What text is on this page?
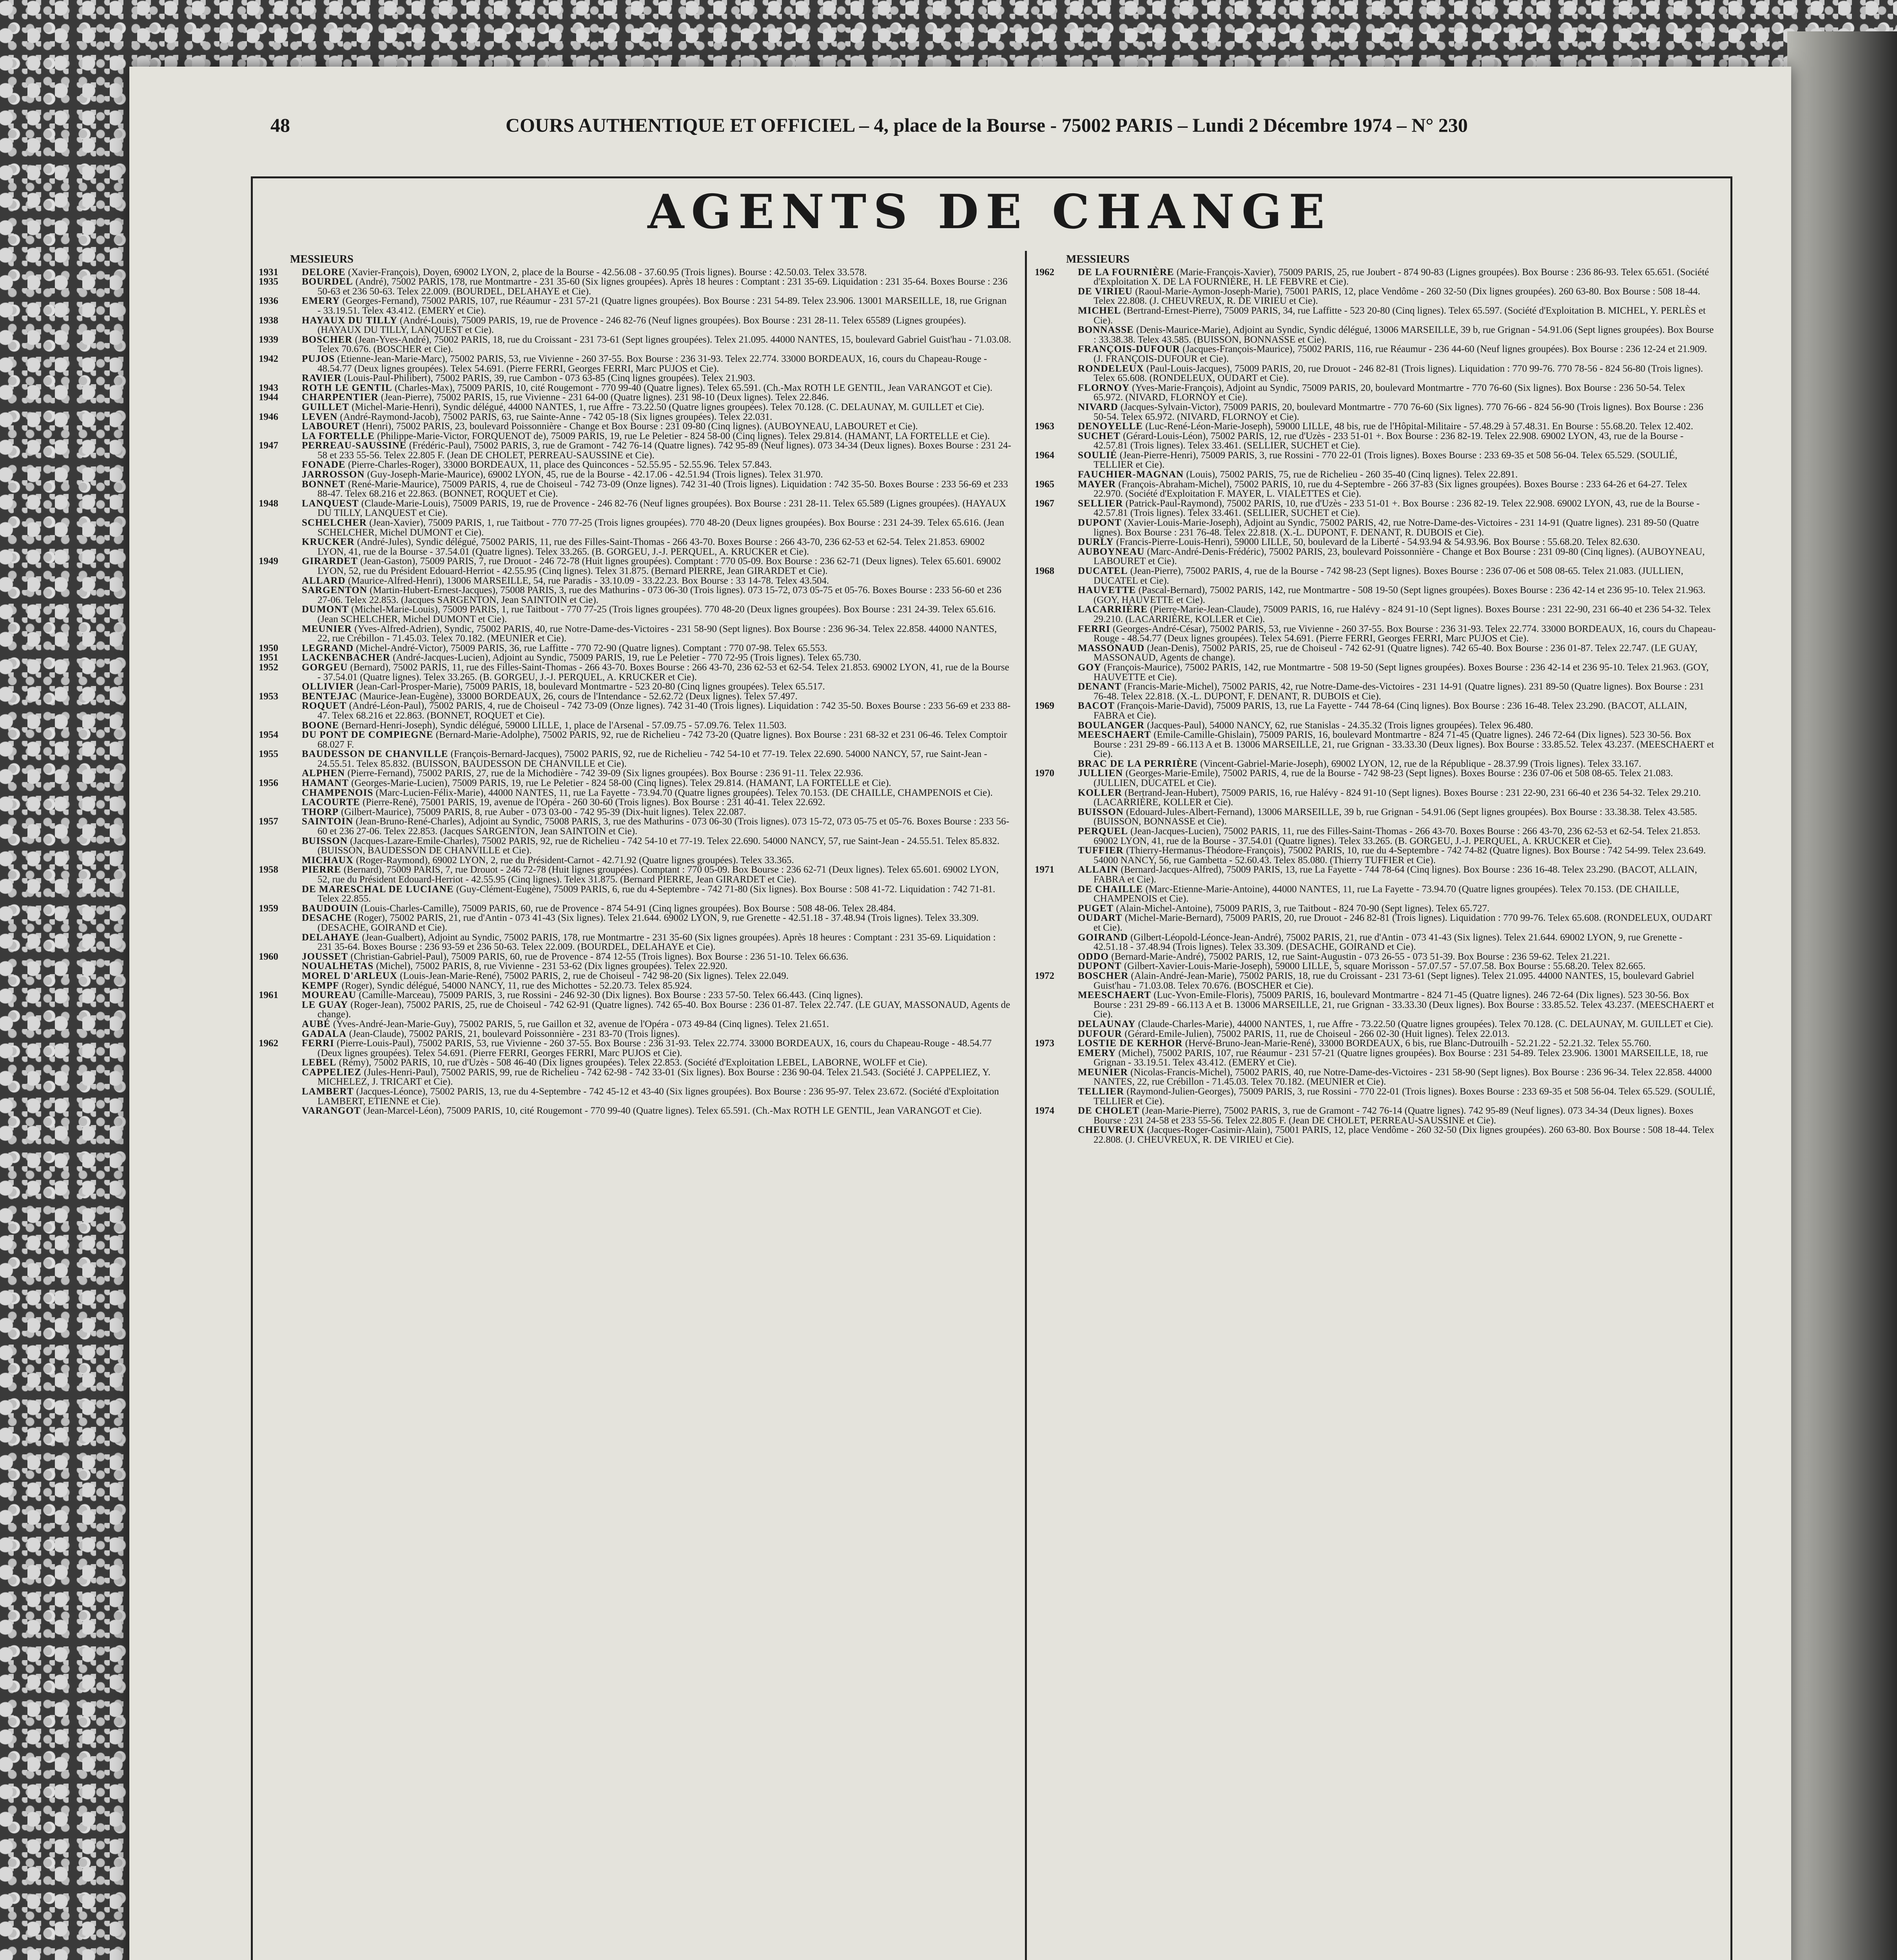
48	COURS AUTHENTIQUE ET OFFICIEL – 4, place de la Bourse - 75002 PARIS – Lundi 2 Décembre 1974 – N° 230
AGENTS DE CHANGE
MESSIEURS
1931	DELORE (Xavier-François), Doyen, 69002 LYON, 2, place de la Bourse - 42.56.08 - 37.60.95 (Trois lignes). Bourse : 42.50.03. Telex 33.578.
1935	BOURDEL (André), 75002 PARIS, 178, rue Montmartre - 231 35-60 (Six lignes groupées). Après 18 heures : Comptant : 231 35-69. Liquidation : 231 35-64. Boxes Bourse : 236 50-63 et 236 50-63. Telex 22.009. (BOURDEL, DELAHAYE et Cie).
1936	EMERY (Georges-Fernand), 75002 PARIS, 107, rue Réaumur - 231 57-21 (Quatre lignes groupées). Box Bourse : 231 54-89. Telex 23.906. 13001 MARSEILLE, 18, rue Grignan - 33.19.51. Telex 43.412. (EMERY et Cie).
1938	HAYAUX DU TILLY (André-Louis), 75009 PARIS, 19, rue de Provence - 246 82-76 (Neuf lignes groupées). Box Bourse : 231 28-11. Telex 65589 (Lignes groupées). (HAYAUX DU TILLY, LANQUEST et Cie).
1939	BOSCHER (Jean-Yves-André), 75002 PARIS, 18, rue du Croissant - 231 73-61 (Sept lignes groupées). Telex 21.095. 44000 NANTES, 15, boulevard Gabriel Guist'hau - 71.03.08. Telex 70.676. (BOSCHER et Cie).
1942	PUJOS (Etienne-Jean-Marie-Marc), 75002 PARIS, 53, rue Vivienne - 260 37-55. Box Bourse : 236 31-93. Telex 22.774. 33000 BORDEAUX, 16, cours du Chapeau-Rouge - 48.54.77 (Deux lignes groupées). Telex 54.691. (Pierre FERRI, Georges FERRI, Marc PUJOS et Cie).
RAVIER (Louis-Paul-Philibert), 75002 PARIS, 39, rue Cambon - 073 63-85 (Cinq lignes groupées). Telex 21.903.
1943	ROTH LE GENTIL (Charles-Max), 75009 PARIS, 10, cité Rougemont - 770 99-40 (Quatre lignes). Telex 65.591. (Ch.-Max ROTH LE GENTIL, Jean VARANGOT et Cie).
1944	CHARPENTIER (Jean-Pierre), 75002 PARIS, 15, rue Vivienne - 231 64-00 (Quatre lignes). 231 98-10 (Deux lignes). Telex 22.846.
GUILLET (Michel-Marie-Henri), Syndic délégué, 44000 NANTES, 1, rue Affre - 73.22.50 (Quatre lignes groupées). Telex 70.128. (C. DELAUNAY, M. GUILLET et Cie).
1946	LEVEN (André-Raymond-Jacob), 75002 PARIS, 63, rue Sainte-Anne - 742 05-18 (Six lignes groupées). Telex 22.031.
LABOURET (Henri), 75002 PARIS, 23, boulevard Poissonnière - Change et Box Bourse : 231 09-80 (Cinq lignes). (AUBOYNEAU, LABOURET et Cie).
LA FORTELLE (Philippe-Marie-Victor, FORQUENOT de), 75009 PARIS, 19, rue Le Peletier - 824 58-00 (Cinq lignes). Telex 29.814. (HAMANT, LA FORTELLE et Cie).
1947	PERREAU-SAUSSINE (Frédéric-Paul), 75002 PARIS, 3, rue de Gramont - 742 76-14 (Quatre lignes). 742 95-89 (Neuf lignes). 073 34-34 (Deux lignes). Boxes Bourse : 231 24-58 et 233 55-56. Telex 22.805 F. (Jean DE CHOLET, PERREAU-SAUSSINE et Cie).
FONADE (Pierre-Charles-Roger), 33000 BORDEAUX, 11, place des Quinconces - 52.55.95 - 52.55.96. Telex 57.843.
JARROSSON (Guy-Joseph-Marie-Maurice), 69002 LYON, 45, rue de la Bourse - 42.17.06 - 42.51.94 (Trois lignes). Telex 31.970.
BONNET (René-Marie-Maurice), 75009 PARIS, 4, rue de Choiseul - 742 73-09 (Onze lignes). 742 31-40 (Trois lignes). Liquidation : 742 35-50. Boxes Bourse : 233 56-69 et 233 88-47. Telex 68.216 et 22.863. (BONNET, ROQUET et Cie).
1948	LANQUEST (Claude-Marie-Louis), 75009 PARIS, 19, rue de Provence - 246 82-76 (Neuf lignes groupées). Box Bourse : 231 28-11. Telex 65.589 (Lignes groupées). (HAYAUX DU TILLY, LANQUEST et Cie).
SCHELCHER (Jean-Xavier), 75009 PARIS, 1, rue Taitbout - 770 77-25 (Trois lignes groupées). 770 48-20 (Deux lignes groupées). Box Bourse : 231 24-39. Telex 65.616. (Jean SCHELCHER, Michel DUMONT et Cie).
KRUCKER (André-Jules), Syndic délégué, 75002 PARIS, 11, rue des Filles-Saint-Thomas - 266 43-70. Boxes Bourse : 266 43-70, 236 62-53 et 62-54. Telex 21.853. 69002 LYON, 41, rue de la Bourse - 37.54.01 (Quatre lignes). Telex 33.265. (B. GORGEU, J.-J. PERQUEL, A. KRUCKER et Cie).
1949	GIRARDET (Jean-Gaston), 75009 PARIS, 7, rue Drouot - 246 72-78 (Huit lignes groupées). Comptant : 770 05-09. Box Bourse : 236 62-71 (Deux lignes). Telex 65.601. 69002 LYON, 52, rue du Président Edouard-Herriot - 42.55.95 (Cinq lignes). Telex 31.875. (Bernard PIERRE, Jean GIRARDET et Cie).
ALLARD (Maurice-Alfred-Henri), 13006 MARSEILLE, 54, rue Paradis - 33.10.09 - 33.22.23. Box Bourse : 33 14-78. Telex 43.504.
SARGENTON (Martin-Hubert-Ernest-Jacques), 75008 PARIS, 3, rue des Mathurins - 073 06-30 (Trois lignes). 073 15-72, 073 05-75 et 05-76. Boxes Bourse : 233 56-60 et 236 27-06. Telex 22.853. (Jacques SARGENTON, Jean SAINTOIN et Cie).
DUMONT (Michel-Marie-Louis), 75009 PARIS, 1, rue Taitbout - 770 77-25 (Trois lignes groupées). 770 48-20 (Deux lignes groupées). Box Bourse : 231 24-39. Telex 65.616. (Jean SCHELCHER, Michel DUMONT et Cie).
MEUNIER (Yves-Alfred-Adrien), Syndic, 75002 PARIS, 40, rue Notre-Dame-des-Victoires - 231 58-90 (Sept lignes). Box Bourse : 236 96-34. Telex 22.858. 44000 NANTES, 22, rue Crébillon - 71.45.03. Telex 70.182. (MEUNIER et Cie).
1950	LEGRAND (Michel-André-Victor), 75009 PARIS, 36, rue Laffitte - 770 72-90 (Quatre lignes). Comptant : 770 07-98. Telex 65.553.
1951	LACKENBACHER (André-Jacques-Lucien), Adjoint au Syndic, 75009 PARIS, 19, rue Le Peletier - 770 72-95 (Trois lignes). Telex 65.730.
1952	GORGEU (Bernard), 75002 PARIS, 11, rue des Filles-Saint-Thomas - 266 43-70. Boxes Bourse : 266 43-70, 236 62-53 et 62-54. Telex 21.853. 69002 LYON, 41, rue de la Bourse - 37.54.01 (Quatre lignes). Telex 33.265. (B. GORGEU, J.-J. PERQUEL, A. KRUCKER et Cie).
OLLIVIER (Jean-Carl-Prosper-Marie), 75009 PARIS, 18, boulevard Montmartre - 523 20-80 (Cinq lignes groupées). Telex 65.517.
1953	BENTEJAC (Maurice-Jean-Eugène), 33000 BORDEAUX, 26, cours de l'Intendance - 52.62.72 (Deux lignes). Telex 57.497.
ROQUET (André-Léon-Paul), 75002 PARIS, 4, rue de Choiseul - 742 73-09 (Onze lignes). 742 31-40 (Trois lignes). Liquidation : 742 35-50. Boxes Bourse : 233 56-69 et 233 88-47. Telex 68.216 et 22.863. (BONNET, ROQUET et Cie).
BOONE (Bernard-Henri-Joseph), Syndic délégué, 59000 LILLE, 1, place de l'Arsenal - 57.09.75 - 57.09.76. Telex 11.503.
1954	DU PONT DE COMPIEGNE (Bernard-Marie-Adolphe), 75002 PARIS, 92, rue de Richelieu - 742 73-20 (Quatre lignes). Box Bourse : 231 68-32 et 231 06-46. Telex Comptoir 68.027 F.
1955	BAUDESSON DE CHANVILLE (François-Bernard-Jacques), 75002 PARIS, 92, rue de Richelieu - 742 54-10 et 77-19. Telex 22.690. 54000 NANCY, 57, rue Saint-Jean - 24.55.51. Telex 85.832. (BUISSON, BAUDESSON DE CHANVILLE et Cie).
ALPHEN (Pierre-Fernand), 75002 PARIS, 27, rue de la Michodière - 742 39-09 (Six lignes groupées). Box Bourse : 236 91-11. Telex 22.936.
1956	HAMANT (Georges-Marie-Lucien), 75009 PARIS, 19, rue Le Peletier - 824 58-00 (Cinq lignes). Telex 29.814. (HAMANT, LA FORTELLE et Cie).
CHAMPENOIS (Marc-Lucien-Félix-Marie), 44000 NANTES, 11, rue La Fayette - 73.94.70 (Quatre lignes groupées). Telex 70.153. (DE CHAILLE, CHAMPENOIS et Cie).
LACOURTE (Pierre-René), 75001 PARIS, 19, avenue de l'Opéra - 260 30-60 (Trois lignes). Box Bourse : 231 40-41. Telex 22.692.
THORP (Gilbert-Maurice), 75009 PARIS, 8, rue Auber - 073 03-00 - 742 95-39 (Dix-huit lignes). Telex 22.087.
1957	SAINTOIN (Jean-Bruno-René-Charles), Adjoint au Syndic, 75008 PARIS, 3, rue des Mathurins - 073 06-30 (Trois lignes). 073 15-72, 073 05-75 et 05-76. Boxes Bourse : 233 56-60 et 236 27-06. Telex 22.853. (Jacques SARGENTON, Jean SAINTOIN et Cie).
BUISSON (Jacques-Lazare-Emile-Charles), 75002 PARIS, 92, rue de Richelieu - 742 54-10 et 77-19. Telex 22.690. 54000 NANCY, 57, rue Saint-Jean - 24.55.51. Telex 85.832. (BUISSON, BAUDESSON DE CHANVILLE et Cie).
MICHAUX (Roger-Raymond), 69002 LYON, 2, rue du Président-Carnot - 42.71.92 (Quatre lignes groupées). Telex 33.365.
1958	PIERRE (Bernard), 75009 PARIS, 7, rue Drouot - 246 72-78 (Huit lignes groupées). Comptant : 770 05-09. Box Bourse : 236 62-71 (Deux lignes). Telex 65.601. 69002 LYON, 52, rue du Président Edouard-Herriot - 42.55.95 (Cinq lignes). Telex 31.875. (Bernard PIERRE, Jean GIRARDET et Cie).
DE MARESCHAL DE LUCIANE (Guy-Clément-Eugène), 75009 PARIS, 6, rue du 4-Septembre - 742 71-80 (Six lignes). Box Bourse : 508 41-72. Liquidation : 742 71-81. Telex 22.855.
1959	BAUDOUIN (Louis-Charles-Camille), 75009 PARIS, 60, rue de Provence - 874 54-91 (Cinq lignes groupées). Box Bourse : 508 48-06. Telex 28.484.
DESACHE (Roger), 75002 PARIS, 21, rue d'Antin - 073 41-43 (Six lignes). Telex 21.644. 69002 LYON, 9, rue Grenette - 42.51.18 - 37.48.94 (Trois lignes). Telex 33.309. (DESACHE, GOIRAND et Cie).
DELAHAYE (Jean-Gualbert), Adjoint au Syndic, 75002 PARIS, 178, rue Montmartre - 231 35-60 (Six lignes groupées). Après 18 heures : Comptant : 231 35-69. Liquidation : 231 35-64. Boxes Bourse : 236 93-59 et 236 50-63. Telex 22.009. (BOURDEL, DELAHAYE et Cie).
1960	JOUSSET (Christian-Gabriel-Paul), 75009 PARIS, 60, rue de Provence - 874 12-55 (Trois lignes). Box Bourse : 236 51-10. Telex 66.636.
NOUALHETAS (Michel), 75002 PARIS, 8, rue Vivienne - 231 53-62 (Dix lignes groupées). Telex 22.920.
MOREL D'ARLEUX (Louis-Jean-Marie-René), 75002 PARIS, 2, rue de Choiseul - 742 98-20 (Six lignes). Telex 22.049.
KEMPF (Roger), Syndic délégué, 54000 NANCY, 11, rue des Michottes - 52.20.73. Telex 85.924.
1961	MOUREAU (Camille-Marceau), 75009 PARIS, 3, rue Rossini - 246 92-30 (Dix lignes). Box Bourse : 233 57-50. Telex 66.443. (Cinq lignes).
LE GUAY (Roger-Jean), 75002 PARIS, 25, rue de Choiseul - 742 62-91 (Quatre lignes). 742 65-40. Box Bourse : 236 01-87. Telex 22.747. (LE GUAY, MASSONAUD, Agents de change).
AUBÉ (Yves-André-Jean-Marie-Guy), 75002 PARIS, 5, rue Gaillon et 32, avenue de l'Opéra - 073 49-84 (Cinq lignes). Telex 21.651.
GADALA (Jean-Claude), 75002 PARIS, 21, boulevard Poissonnière - 231 83-70 (Trois lignes).
1962	FERRI (Pierre-Louis-Paul), 75002 PARIS, 53, rue Vivienne - 260 37-55. Box Bourse : 236 31-93. Telex 22.774. 33000 BORDEAUX, 16, cours du Chapeau-Rouge - 48.54.77 (Deux lignes groupées). Telex 54.691. (Pierre FERRI, Georges FERRI, Marc PUJOS et Cie).
LEBEL (Rémy), 75002 PARIS, 10, rue d'Uzès - 508 46-40 (Dix lignes groupées). Telex 22.853. (Société d'Exploitation LEBEL, LABORNE, WOLFF et Cie).
CAPPELIEZ (Jules-Henri-Paul), 75002 PARIS, 99, rue de Richelieu - 742 62-98 - 742 33-01 (Six lignes). Box Bourse : 236 90-04. Telex 21.543. (Société J. CAPPELIEZ, Y. MICHELEZ, J. TRICART et Cie).
LAMBERT (Jacques-Léonce), 75002 PARIS, 13, rue du 4-Septembre - 742 45-12 et 43-40 (Six lignes groupées). Box Bourse : 236 95-97. Telex 23.672. (Société d'Exploitation LAMBERT, ETIENNE et Cie).
VARANGOT (Jean-Marcel-Léon), 75009 PARIS, 10, cité Rougemont - 770 99-40 (Quatre lignes). Telex 65.591. (Ch.-Max ROTH LE GENTIL, Jean VARANGOT et Cie).
MESSIEURS
1962	DE LA FOURNIÈRE (Marie-François-Xavier), 75009 PARIS, 25, rue Joubert - 874 90-83 (Lignes groupées). Box Bourse : 236 86-93. Telex 65.651. (Société d'Exploitation X. DE LA FOURNIÈRE, H. LE FEBVRE et Cie).
DE VIRIEU (Raoul-Marie-Aymon-Joseph-Marie), 75001 PARIS, 12, place Vendôme - 260 32-50 (Dix lignes groupées). 260 63-80. Box Bourse : 508 18-44. Telex 22.808. (J. CHEUVREUX, R. DE VIRIEU et Cie).
MICHEL (Bertrand-Ernest-Pierre), 75009 PARIS, 34, rue Laffitte - 523 20-80 (Cinq lignes). Telex 65.597. (Société d'Exploitation B. MICHEL, Y. PERLÈS et Cie).
BONNASSE (Denis-Maurice-Marie), Adjoint au Syndic, Syndic délégué, 13006 MARSEILLE, 39 b, rue Grignan - 54.91.06 (Sept lignes groupées). Box Bourse : 33.38.38. Telex 43.585. (BUISSON, BONNASSE et Cie).
FRANÇOIS-DUFOUR (Jacques-François-Maurice), 75002 PARIS, 116, rue Réaumur - 236 44-60 (Neuf lignes groupées). Box Bourse : 236 12-24 et 21.909. (J. FRANÇOIS-DUFOUR et Cie).
RONDELEUX (Paul-Louis-Jacques), 75009 PARIS, 20, rue Drouot - 246 82-81 (Trois lignes). Liquidation : 770 99-76. 770 78-56 - 824 56-80 (Trois lignes). Telex 65.608. (RONDELEUX, OUDART et Cie).
FLORNOY (Yves-Marie-François), Adjoint au Syndic, 75009 PARIS, 20, boulevard Montmartre - 770 76-60 (Six lignes). Box Bourse : 236 50-54. Telex 65.972. (NIVARD, FLORNOY et Cie).
NIVARD (Jacques-Sylvain-Victor), 75009 PARIS, 20, boulevard Montmartre - 770 76-60 (Six lignes). 770 76-66 - 824 56-90 (Trois lignes). Box Bourse : 236 50-54. Telex 65.972. (NIVARD, FLORNOY et Cie).
1963	DENOYELLE (Luc-René-Léon-Marie-Joseph), 59000 LILLE, 48 bis, rue de l'Hôpital-Militaire - 57.48.29 à 57.48.31. En Bourse : 55.68.20. Telex 12.402.
SUCHET (Gérard-Louis-Léon), 75002 PARIS, 12, rue d'Uzès - 233 51-01 +. Box Bourse : 236 82-19. Telex 22.908. 69002 LYON, 43, rue de la Bourse - 42.57.81 (Trois lignes). Telex 33.461. (SELLIER, SUCHET et Cie).
1964	SOULIÉ (Jean-Pierre-Henri), 75009 PARIS, 3, rue Rossini - 770 22-01 (Trois lignes). Boxes Bourse : 233 69-35 et 508 56-04. Telex 65.529. (SOULIÉ, TELLIER et Cie).
FAUCHIER-MAGNAN (Louis), 75002 PARIS, 75, rue de Richelieu - 260 35-40 (Cinq lignes). Telex 22.891.
1965	MAYER (François-Abraham-Michel), 75002 PARIS, 10, rue du 4-Septembre - 266 37-83 (Six lignes groupées). Boxes Bourse : 233 64-26 et 64-27. Telex 22.970. (Société d'Exploitation F. MAYER, L. VIALETTES et Cie).
1967	SELLIER (Patrick-Paul-Raymond), 75002 PARIS, 10, rue d'Uzès - 233 51-01 +. Box Bourse : 236 82-19. Telex 22.908. 69002 LYON, 43, rue de la Bourse - 42.57.81 (Trois lignes). Telex 33.461. (SELLIER, SUCHET et Cie).
DUPONT (Xavier-Louis-Marie-Joseph), Adjoint au Syndic, 75002 PARIS, 42, rue Notre-Dame-des-Victoires - 231 14-91 (Quatre lignes). 231 89-50 (Quatre lignes). Box Bourse : 231 76-48. Telex 22.818. (X.-L. DUPONT, F. DENANT, R. DUBOIS et Cie).
DURLY (Francis-Pierre-Louis-Henri), 59000 LILLE, 50, boulevard de la Liberté - 54.93.94 & 54.93.96. Box Bourse : 55.68.20. Telex 82.630.
AUBOYNEAU (Marc-André-Denis-Frédéric), 75002 PARIS, 23, boulevard Poissonnière - Change et Box Bourse : 231 09-80 (Cinq lignes). (AUBOYNEAU, LABOURET et Cie).
1968	DUCATEL (Jean-Pierre), 75002 PARIS, 4, rue de la Bourse - 742 98-23 (Sept lignes). Boxes Bourse : 236 07-06 et 508 08-65. Telex 21.083. (JULLIEN, DUCATEL et Cie).
HAUVETTE (Pascal-Bernard), 75002 PARIS, 142, rue Montmartre - 508 19-50 (Sept lignes groupées). Boxes Bourse : 236 42-14 et 236 95-10. Telex 21.963. (GOY, HAUVETTE et Cie).
LACARRIÈRE (Pierre-Marie-Jean-Claude), 75009 PARIS, 16, rue Halévy - 824 91-10 (Sept lignes). Boxes Bourse : 231 22-90, 231 66-40 et 236 54-32. Telex 29.210. (LACARRIÈRE, KOLLER et Cie).
FERRI (Georges-André-César), 75002 PARIS, 53, rue Vivienne - 260 37-55. Box Bourse : 236 31-93. Telex 22.774. 33000 BORDEAUX, 16, cours du Chapeau-Rouge - 48.54.77 (Deux lignes groupées). Telex 54.691. (Pierre FERRI, Georges FERRI, Marc PUJOS et Cie).
MASSONAUD (Jean-Denis), 75002 PARIS, 25, rue de Choiseul - 742 62-91 (Quatre lignes). 742 65-40. Box Bourse : 236 01-87. Telex 22.747. (LE GUAY, MASSONAUD, Agents de change).
GOY (François-Maurice), 75002 PARIS, 142, rue Montmartre - 508 19-50 (Sept lignes groupées). Boxes Bourse : 236 42-14 et 236 95-10. Telex 21.963. (GOY, HAUVETTE et Cie).
DENANT (Francis-Marie-Michel), 75002 PARIS, 42, rue Notre-Dame-des-Victoires - 231 14-91 (Quatre lignes). 231 89-50 (Quatre lignes). Box Bourse : 231 76-48. Telex 22.818. (X.-L. DUPONT, F. DENANT, R. DUBOIS et Cie).
1969	BACOT (François-Marie-David), 75009 PARIS, 13, rue La Fayette - 744 78-64 (Cinq lignes). Box Bourse : 236 16-48. Telex 23.290. (BACOT, ALLAIN, FABRA et Cie).
BOULANGER (Jacques-Paul), 54000 NANCY, 62, rue Stanislas - 24.35.32 (Trois lignes groupées). Telex 96.480.
MEESCHAERT (Emile-Camille-Ghislain), 75009 PARIS, 16, boulevard Montmartre - 824 71-45 (Quatre lignes). 246 72-64 (Dix lignes). 523 30-56. Box Bourse : 231 29-89 - 66.113 A et B. 13006 MARSEILLE, 21, rue Grignan - 33.33.30 (Deux lignes). Box Bourse : 33.85.52. Telex 43.237. (MEESCHAERT et Cie).
BRAC DE LA PERRIÈRE (Vincent-Gabriel-Marie-Joseph), 69002 LYON, 12, rue de la République - 28.37.99 (Trois lignes). Telex 33.167.
1970	JULLIEN (Georges-Marie-Emile), 75002 PARIS, 4, rue de la Bourse - 742 98-23 (Sept lignes). Boxes Bourse : 236 07-06 et 508 08-65. Telex 21.083. (JULLIEN, DUCATEL et Cie).
KOLLER (Bertrand-Jean-Hubert), 75009 PARIS, 16, rue Halévy - 824 91-10 (Sept lignes). Boxes Bourse : 231 22-90, 231 66-40 et 236 54-32. Telex 29.210. (LACARRIÈRE, KOLLER et Cie).
BUISSON (Edouard-Jules-Albert-Fernand), 13006 MARSEILLE, 39 b, rue Grignan - 54.91.06 (Sept lignes groupées). Box Bourse : 33.38.38. Telex 43.585. (BUISSON, BONNASSE et Cie).
PERQUEL (Jean-Jacques-Lucien), 75002 PARIS, 11, rue des Filles-Saint-Thomas - 266 43-70. Boxes Bourse : 266 43-70, 236 62-53 et 62-54. Telex 21.853. 69002 LYON, 41, rue de la Bourse - 37.54.01 (Quatre lignes). Telex 33.265. (B. GORGEU, J.-J. PERQUEL, A. KRUCKER et Cie).
TUFFIER (Thierry-Hermanus-Théodore-François), 75002 PARIS, 10, rue du 4-Septembre - 742 74-82 (Quatre lignes). Box Bourse : 742 54-99. Telex 23.649. 54000 NANCY, 56, rue Gambetta - 52.60.43. Telex 85.080. (Thierry TUFFIER et Cie).
1971	ALLAIN (Bernard-Jacques-Alfred), 75009 PARIS, 13, rue La Fayette - 744 78-64 (Cinq lignes). Box Bourse : 236 16-48. Telex 23.290. (BACOT, ALLAIN, FABRA et Cie).
DE CHAILLE (Marc-Etienne-Marie-Antoine), 44000 NANTES, 11, rue La Fayette - 73.94.70 (Quatre lignes groupées). Telex 70.153. (DE CHAILLE, CHAMPENOIS et Cie).
PUGET (Alain-Michel-Antoine), 75009 PARIS, 3, rue Taitbout - 824 70-90 (Sept lignes). Telex 65.727.
OUDART (Michel-Marie-Bernard), 75009 PARIS, 20, rue Drouot - 246 82-81 (Trois lignes). Liquidation : 770 99-76. Telex 65.608. (RONDELEUX, OUDART et Cie).
GOIRAND (Gilbert-Léopold-Léonce-Jean-André), 75002 PARIS, 21, rue d'Antin - 073 41-43 (Six lignes). Telex 21.644. 69002 LYON, 9, rue Grenette - 42.51.18 - 37.48.94 (Trois lignes). Telex 33.309. (DESACHE, GOIRAND et Cie).
ODDO (Bernard-Marie-André), 75002 PARIS, 12, rue Saint-Augustin - 073 26-55 - 073 51-39. Box Bourse : 236 59-62. Telex 21.221.
DUPONT (Gilbert-Xavier-Louis-Marie-Joseph), 59000 LILLE, 5, square Morisson - 57.07.57 - 57.07.58. Box Bourse : 55.68.20. Telex 82.665.
1972	BOSCHER (Alain-André-Jean-Marie), 75002 PARIS, 18, rue du Croissant - 231 73-61 (Sept lignes). Telex 21.095. 44000 NANTES, 15, boulevard Gabriel Guist'hau - 71.03.08. Telex 70.676. (BOSCHER et Cie).
MEESCHAERT (Luc-Yvon-Emile-Floris), 75009 PARIS, 16, boulevard Montmartre - 824 71-45 (Quatre lignes). 246 72-64 (Dix lignes). 523 30-56. Box Bourse : 231 29-89 - 66.113 A et B. 13006 MARSEILLE, 21, rue Grignan - 33.33.30 (Deux lignes). Box Bourse : 33.85.52. Telex 43.237. (MEESCHAERT et Cie).
DELAUNAY (Claude-Charles-Marie), 44000 NANTES, 1, rue Affre - 73.22.50 (Quatre lignes groupées). Telex 70.128. (C. DELAUNAY, M. GUILLET et Cie).
DUFOUR (Gérard-Emile-Julien), 75002 PARIS, 11, rue de Choiseul - 266 02-30 (Huit lignes). Telex 22.013.
1973	LOSTIE DE KERHOR (Hervé-Bruno-Jean-Marie-René), 33000 BORDEAUX, 6 bis, rue Blanc-Dutrouilh - 52.21.22 - 52.21.32. Telex 55.760.
EMERY (Michel), 75002 PARIS, 107, rue Réaumur - 231 57-21 (Quatre lignes groupées). Box Bourse : 231 54-89. Telex 23.906. 13001 MARSEILLE, 18, rue Grignan - 33.19.51. Telex 43.412. (EMERY et Cie).
MEUNIER (Nicolas-Francis-Michel), 75002 PARIS, 40, rue Notre-Dame-des-Victoires - 231 58-90 (Sept lignes). Box Bourse : 236 96-34. Telex 22.858. 44000 NANTES, 22, rue Crébillon - 71.45.03. Telex 70.182. (MEUNIER et Cie).
TELLIER (Raymond-Julien-Georges), 75009 PARIS, 3, rue Rossini - 770 22-01 (Trois lignes). Boxes Bourse : 233 69-35 et 508 56-04. Telex 65.529. (SOULIÉ, TELLIER et Cie).
1974	DE CHOLET (Jean-Marie-Pierre), 75002 PARIS, 3, rue de Gramont - 742 76-14 (Quatre lignes). 742 95-89 (Neuf lignes). 073 34-34 (Deux lignes). Boxes Bourse : 231 24-58 et 233 55-56. Telex 22.805 F. (Jean DE CHOLET, PERREAU-SAUSSINE et Cie).
CHEUVREUX (Jacques-Roger-Casimir-Alain), 75001 PARIS, 12, place Vendôme - 260 32-50 (Dix lignes groupées). 260 63-80. Box Bourse : 508 18-44. Telex 22.808. (J. CHEUVREUX, R. DE VIRIEU et Cie).
